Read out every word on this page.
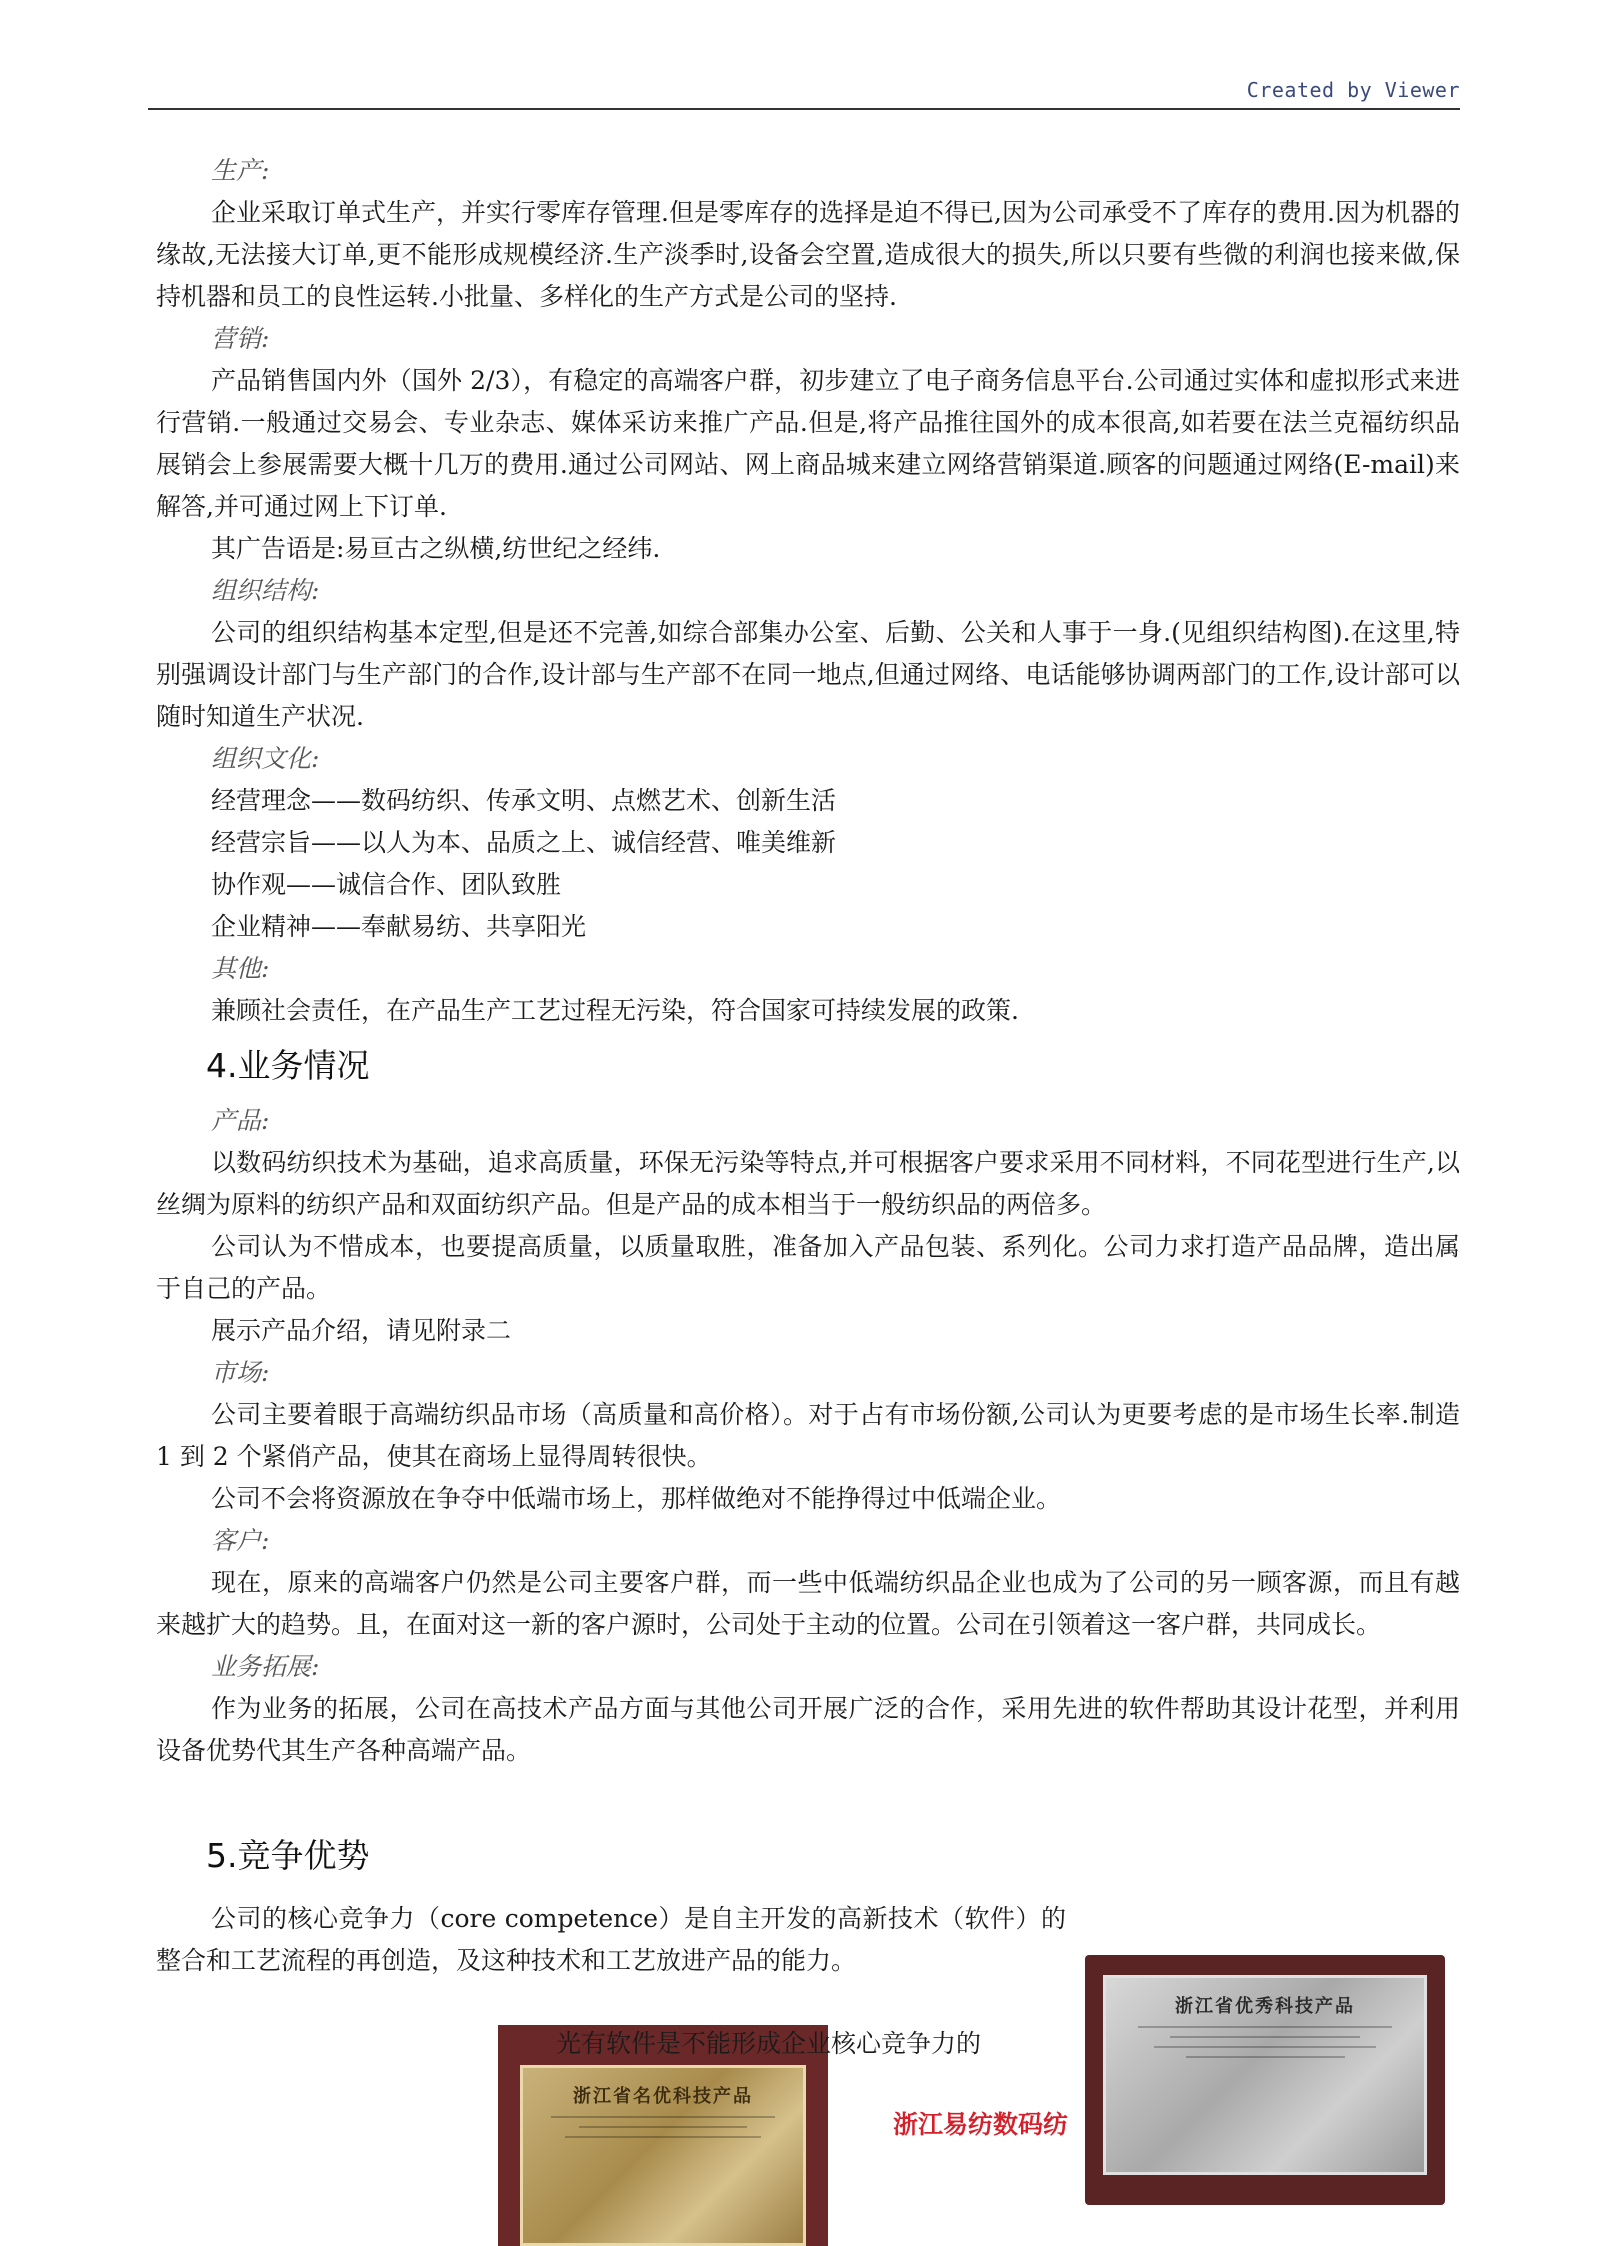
Created by Viewer

生产:

企业采取订单式生产，并实行零库存管理.但是零库存的选择是迫不得已,因为公司承受不了库存的费用.因为机器的缘故,无法接大订单,更不能形成规模经济.生产淡季时,设备会空置,造成很大的损失,所以只要有些微的利润也接来做,保持机器和员工的良性运转.小批量、多样化的生产方式是公司的坚持.

营销:

产品销售国内外（国外 2/3），有稳定的高端客户群，初步建立了电子商务信息平台.公司通过实体和虚拟形式来进行营销.一般通过交易会、专业杂志、媒体采访来推广产品.但是,将产品推往国外的成本很高,如若要在法兰克福纺织品展销会上参展需要大概十几万的费用.通过公司网站、网上商品城来建立网络营销渠道.顾客的问题通过网络(E-mail)来解答,并可通过网上下订单.

其广告语是:易亘古之纵横,纺世纪之经纬.

组织结构:

公司的组织结构基本定型,但是还不完善,如综合部集办公室、后勤、公关和人事于一身.(见组织结构图).在这里,特别强调设计部门与生产部门的合作,设计部与生产部不在同一地点,但通过网络、电话能够协调两部门的工作,设计部可以随时知道生产状况.

组织文化:

经营理念——数码纺织、传承文明、点燃艺术、创新生活

经营宗旨——以人为本、品质之上、诚信经营、唯美维新

协作观——诚信合作、团队致胜

企业精神——奉献易纺、共享阳光

其他:

兼顾社会责任，在产品生产工艺过程无污染，符合国家可持续发展的政策.

4.业务情况

产品:

以数码纺织技术为基础，追求高质量，环保无污染等特点,并可根据客户要求采用不同材料，不同花型进行生产,以丝绸为原料的纺织产品和双面纺织产品。但是产品的成本相当于一般纺织品的两倍多。

公司认为不惜成本，也要提高质量，以质量取胜，准备加入产品包装、系列化。公司力求打造产品品牌，造出属于自己的产品。

展示产品介绍，请见附录二

市场:

公司主要着眼于高端纺织品市场（高质量和高价格）。对于占有市场份额,公司认为更要考虑的是市场生长率.制造 1 到 2 个紧俏产品，使其在商场上显得周转很快。

公司不会将资源放在争夺中低端市场上，那样做绝对不能挣得过中低端企业。

客户:

现在，原来的高端客户仍然是公司主要客户群，而一些中低端纺织品企业也成为了公司的另一顾客源，而且有越来越扩大的趋势。且，在面对这一新的客户源时，公司处于主动的位置。公司在引领着这一客户群，共同成长。

业务拓展:

作为业务的拓展，公司在高技术产品方面与其他公司开展广泛的合作，采用先进的软件帮助其设计花型，并利用设备优势代其生产各种高端产品。

5.竞争优势

公司的核心竞争力（core competence）是自主开发的高新技术（软件）的整合和工艺流程的再创造，及这种技术和工艺放进产品的能力。

浙江省优秀科技产品
浙江省名优科技产品
光有软件是不能形成企业核心竞争力的
浙江易纺数码纺
